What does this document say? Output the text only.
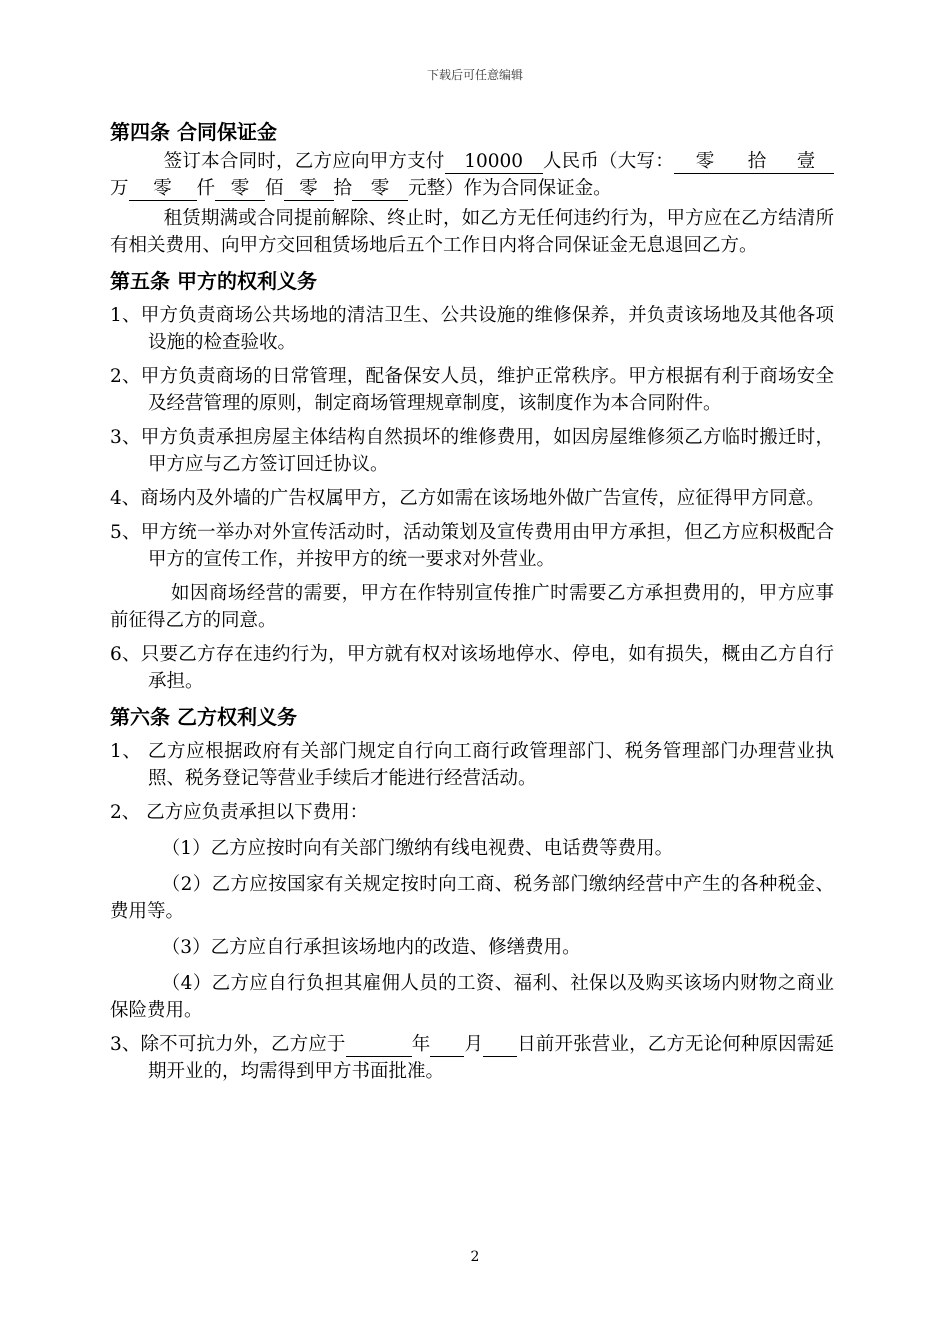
下载后可任意编辑
第四条 合同保证金

签订本合同时，乙方应向甲方支付 10000 人民币（大写： 零 拾 壹万 零 仟 零 佰 零 拾 零 元整）作为合同保证金。

租赁期满或合同提前解除、终止时，如乙方无任何违约行为，甲方应在乙方结清所有相关费用、向甲方交回租赁场地后五个工作日内将合同保证金无息退回乙方。

第五条 甲方的权利义务

1、甲方负责商场公共场地的清洁卫生、公共设施的维修保养，并负责该场地及其他各项设施的检查验收。

2、甲方负责商场的日常管理，配备保安人员，维护正常秩序。甲方根据有利于商场安全及经营管理的原则，制定商场管理规章制度，该制度作为本合同附件。

3、甲方负责承担房屋主体结构自然损坏的维修费用，如因房屋维修须乙方临时搬迁时，甲方应与乙方签订回迁协议。

4、商场内及外墙的广告权属甲方，乙方如需在该场地外做广告宣传，应征得甲方同意。

5、甲方统一举办对外宣传活动时，活动策划及宣传费用由甲方承担，但乙方应积极配合甲方的宣传工作，并按甲方的统一要求对外营业。

如因商场经营的需要，甲方在作特别宣传推广时需要乙方承担费用的，甲方应事前征得乙方的同意。

6、只要乙方存在违约行为，甲方就有权对该场地停水、停电，如有损失，概由乙方自行承担。

第六条 乙方权利义务

1、 乙方应根据政府有关部门规定自行向工商行政管理部门、税务管理部门办理营业执照、税务登记等营业手续后才能进行经营活动。

2、 乙方应负责承担以下费用：

（1）乙方应按时向有关部门缴纳有线电视费、电话费等费用。

（2）乙方应按国家有关规定按时向工商、税务部门缴纳经营中产生的各种税金、费用等。

（3）乙方应自行承担该场地内的改造、修缮费用。

（4）乙方应自行负担其雇佣人员的工资、福利、社保以及购买该场内财物之商业保险费用。

3、除不可抗力外，乙方应于	年 月 日前开张营业，乙方无论何种原因需延期开业的，均需得到甲方书面批准。

2
